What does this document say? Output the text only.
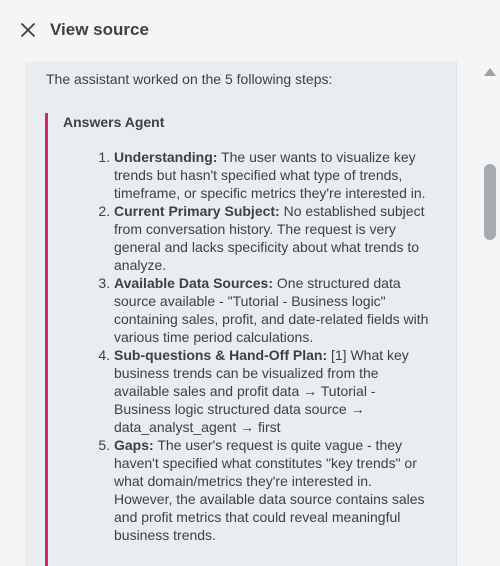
View source
The assistant worked on the 5 following steps:
Answers Agent
1. Understanding: The user wants to visualize key trends but hasn't specified what type of trends, timeframe, or specific metrics they're interested in.
2. Current Primary Subject: No established subject from conversation history. The request is very general and lacks specificity about what trends to analyze.
3. Available Data Sources: One structured data source available - "Tutorial - Business logic" containing sales, profit, and date-related fields with various time period calculations.
4. Sub-questions & Hand-Off Plan: [1] What key business trends can be visualized from the available sales and profit data → Tutorial - Business logic structured data source → data_analyst_agent → first
5. Gaps: The user's request is quite vague - they haven't specified what constitutes "key trends" or what domain/metrics they're interested in. However, the available data source contains sales and profit metrics that could reveal meaningful business trends.
